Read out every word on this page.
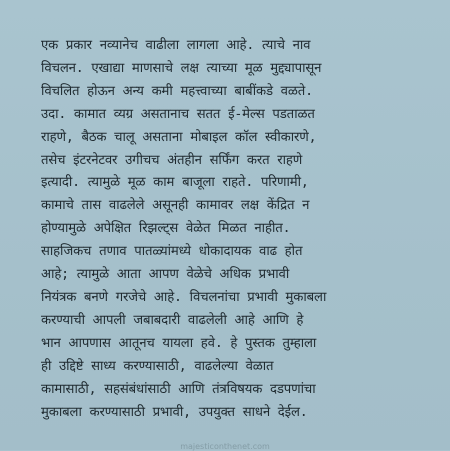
एक प्रकार नव्यानेच वाढीला लागला आहे. त्याचे नाव
विचलन. एखाद्या माणसाचे लक्ष त्याच्या मूळ मुद्द्यापासून
विचलित होऊन अन्य कमी महत्त्वाच्या बाबींकडे वळते.
उदा. कामात व्यग्र असतानाच सतत ई-मेल्स पडताळत
राहणे, बैठक चालू असताना मोबाइल कॉल स्वीकारणे,
तसेच इंटरनेटवर उगीचच अंतहीन सर्फिंग करत राहणे
इत्यादी. त्यामुळे मूळ काम बाजूला राहते. परिणामी,
कामाचे तास वाढलेले असूनही कामावर लक्ष केंद्रित न
होण्यामुळे अपेक्षित रिझल्ट्स वेळेत मिळत नाहीत.
साहजिकच तणाव पातळ्यांमध्ये धोकादायक वाढ होत
आहे; त्यामुळे आता आपण वेळेचे अधिक प्रभावी
नियंत्रक बनणे गरजेचे आहे. विचलनांचा प्रभावी मुकाबला
करण्याची आपली जबाबदारी वाढलेली आहे आणि हे
भान आपणास आतूनच यायला हवे. हे पुस्तक तुम्हाला
ही उद्दिष्टे साध्य करण्यासाठी, वाढलेल्या वेळात
कामासाठी, सहसंबंधांसाठी आणि तंत्रविषयक दडपणांचा
मुकाबला करण्यासाठी प्रभावी, उपयुक्त साधने देईल.
majesticonthenet.com
